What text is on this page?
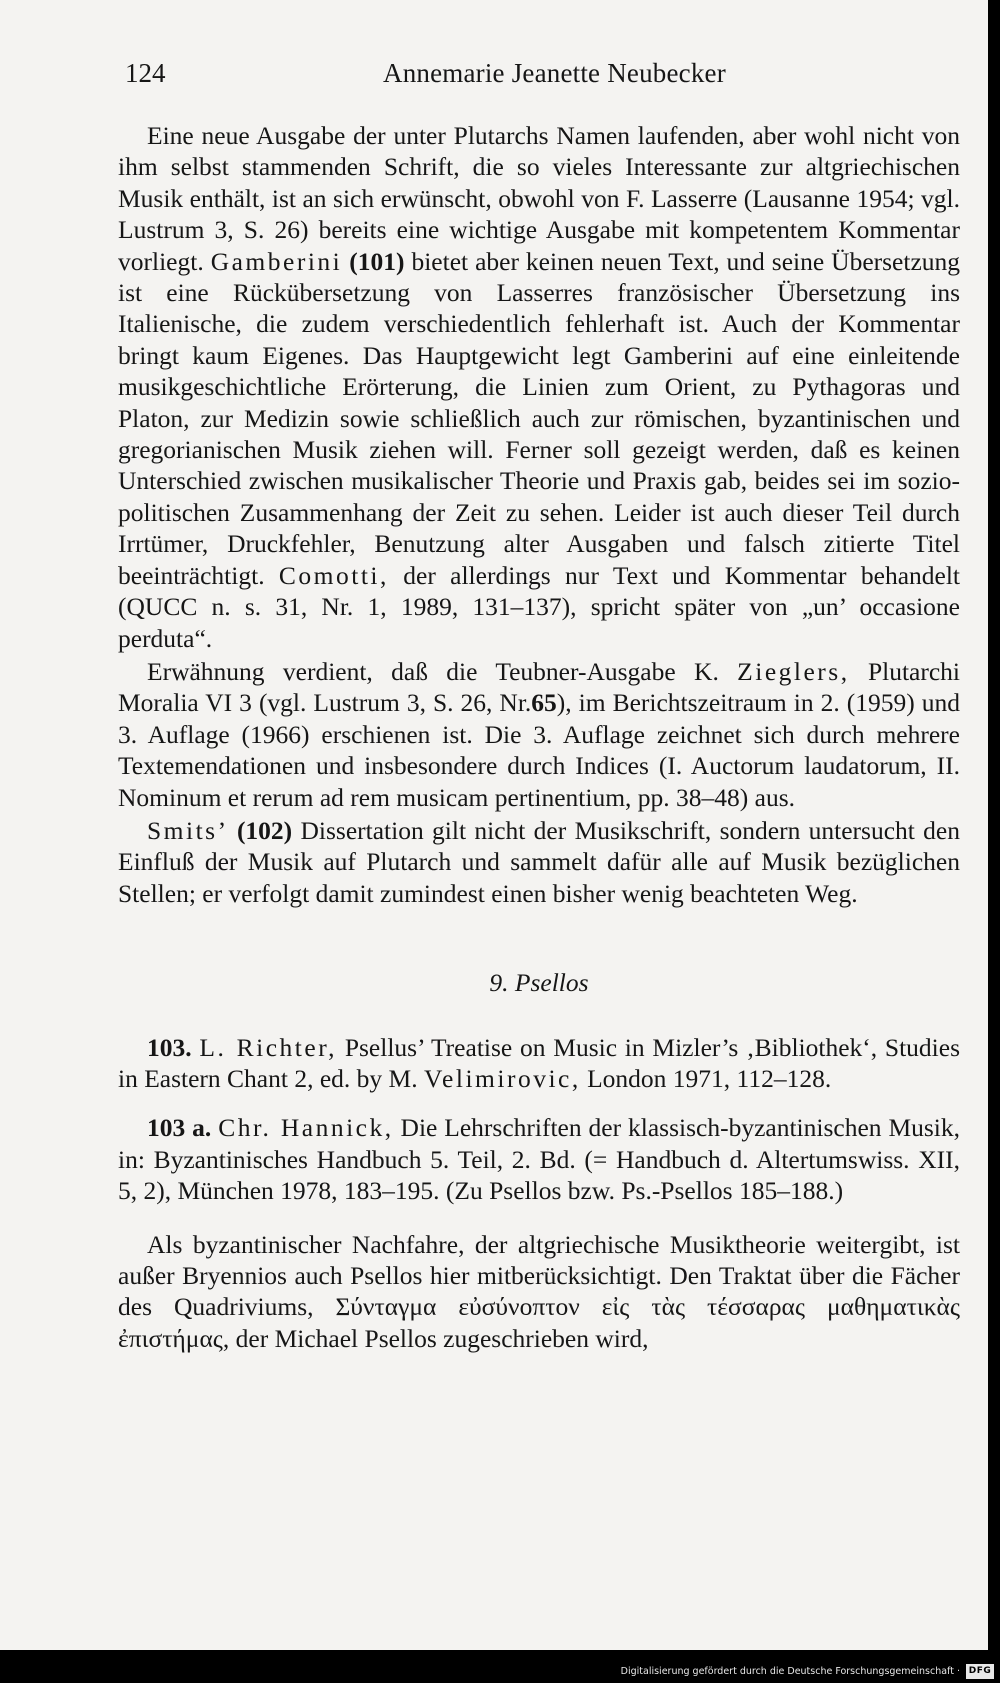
124	Annemarie Jeanette Neubecker

Eine neue Ausgabe der unter Plutarchs Namen laufenden, aber wohl nicht von ihm selbst stammenden Schrift, die so vieles Interessante zur altgriechischen Musik enthält, ist an sich erwünscht, obwohl von F. Lasserre (Lausanne 1954; vgl. Lustrum 3, S. 26) bereits eine wichtige Ausgabe mit kompetentem Kommentar vorliegt. Gamberini (101) bietet aber keinen neuen Text, und seine Übersetzung ist eine Rückübersetzung von Lasserres französischer Übersetzung ins Italienische, die zudem verschiedentlich fehlerhaft ist. Auch der Kommentar bringt kaum Eigenes. Das Hauptgewicht legt Gamberini auf eine einleitende musikgeschichtliche Erörterung, die Linien zum Orient, zu Pythagoras und Platon, zur Medizin sowie schließlich auch zur römischen, byzantinischen und gregorianischen Musik ziehen will. Ferner soll gezeigt werden, daß es keinen Unterschied zwischen musikalischer Theorie und Praxis gab, beides sei im sozio-politischen Zusammenhang der Zeit zu sehen. Leider ist auch dieser Teil durch Irrtümer, Druckfehler, Benutzung alter Ausgaben und falsch zitierte Titel beeinträchtigt. Comotti, der allerdings nur Text und Kommentar behandelt (QUCC n. s. 31, Nr. 1, 1989, 131–137), spricht später von „un’ occasione perduta“.

Erwähnung verdient, daß die Teubner-Ausgabe K. Zieglers, Plutarchi Moralia VI 3 (vgl. Lustrum 3, S. 26, Nr.65), im Berichtszeitraum in 2. (1959) und 3. Auflage (1966) erschienen ist. Die 3. Auflage zeichnet sich durch mehrere Textemendationen und insbesondere durch Indices (I. Auctorum laudatorum, II. Nominum et rerum ad rem musicam pertinentium, pp. 38–48) aus.

Smits’ (102) Dissertation gilt nicht der Musikschrift, sondern untersucht den Einfluß der Musik auf Plutarch und sammelt dafür alle auf Musik bezüglichen Stellen; er verfolgt damit zumindest einen bisher wenig beachteten Weg.

9. Psellos

103. L. Richter, Psellus’ Treatise on Music in Mizler’s ‚Bibliothek‘, Studies in Eastern Chant 2, ed. by M. Velimirovic, London 1971, 112–128.

103 a. Chr. Hannick, Die Lehrschriften der klassisch-byzantinischen Musik, in: Byzantinisches Handbuch 5. Teil, 2. Bd. (= Handbuch d. Altertumswiss. XII, 5, 2), München 1978, 183–195. (Zu Psellos bzw. Ps.-Psellos 185–188.)

Als byzantinischer Nachfahre, der altgriechische Musiktheorie weitergibt, ist außer Bryennios auch Psellos hier mitberücksichtigt. Den Traktat über die Fächer des Quadriviums, Σύνταγμα εὐσύνοπτον εἰς τὰς τέσσαρας μαθηματικὰς ἐπιστήμας, der Michael Psellos zugeschrieben wird,

Digitalisierung gefördert durch die Deutsche Forschungsgemeinschaft · DFG
